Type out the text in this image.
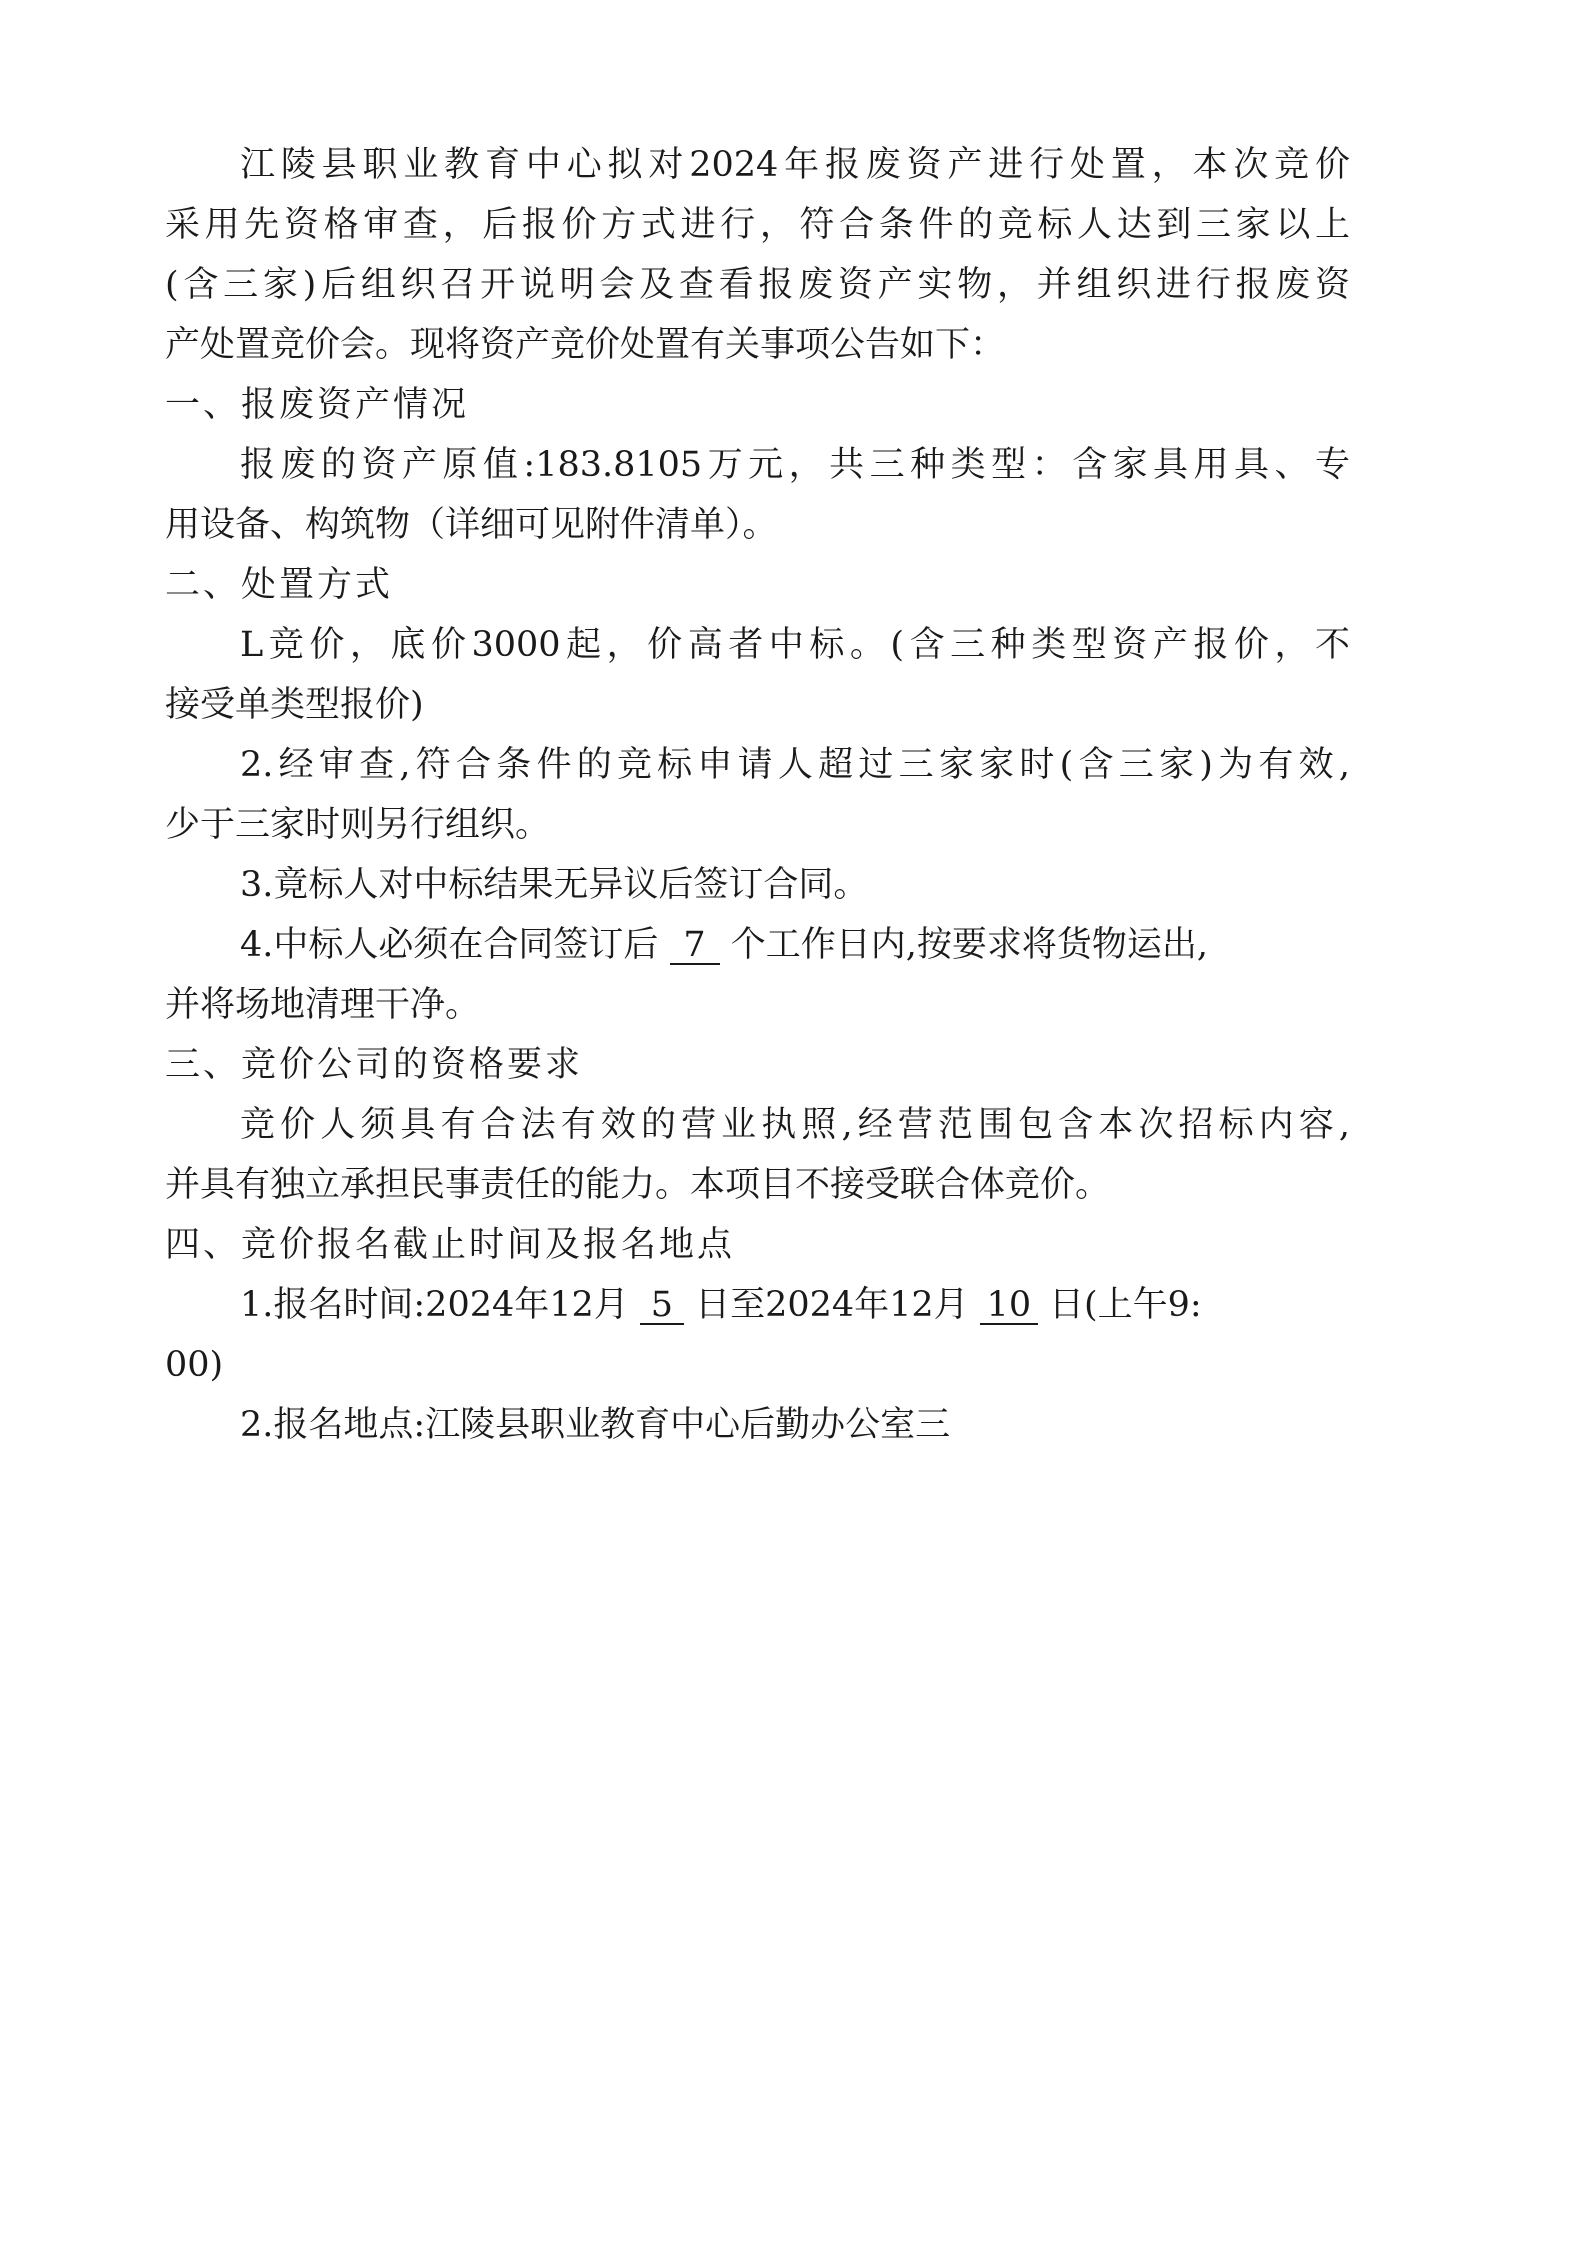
江陵县职业教育中心拟对2024年报废资产进行处置，本次竞价
采用先资格审查，后报价方式进行，符合条件的竞标人达到三家以上
(含三家)后组织召开说明会及查看报废资产实物，并组织进行报废资
产处置竞价会。现将资产竞价处置有关事项公告如下：
一、报废资产情况
报废的资产原值:183.8105万元，共三种类型：含家具用具、专
用设备、构筑物（详细可见附件清单）。
二、处置方式
L竞价，底价3000起，价高者中标。(含三种类型资产报价，不
接受单类型报价)
2.经审查,符合条件的竞标申请人超过三家家时(含三家)为有效,
少于三家时则另行组织。
3.竟标人对中标结果无异议后签订合同。
4.中标人必须在合同签订后 7 个工作日内,按要求将货物运出,
并将场地清理干净。
三、竞价公司的资格要求
竞价人须具有合法有效的营业执照,经营范围包含本次招标内容,
并具有独立承担民事责任的能力。本项目不接受联合体竞价。
四、竞价报名截止时间及报名地点
1.报名时间:2024年12月 5 日至2024年12月 10 日(上午9:
00)
2.报名地点:江陵县职业教育中心后勤办公室三
